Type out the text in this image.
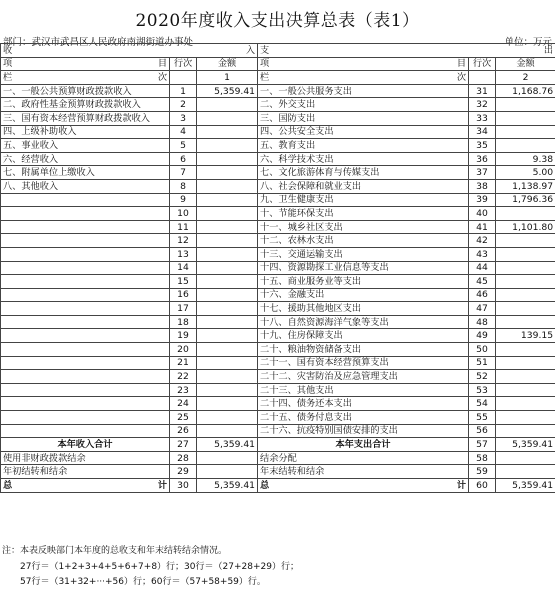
2020年度收入支出决算总表（表1）
部门：武汉市武昌区人民政府南湖街道办事处	单位：万元
收 入			支 出		

项 目	行次	金额	项 目	行次	金额

栏 次		1	栏 次		2
一、一般公共预算财政拨款收入	1	5,359.41	一、一般公共服务支出	31	1,168.76
二、政府性基金预算财政拨款收入	2		二、外交支出	32	
三、国有资本经营预算财政拨款收入	3		三、国防支出	33	
四、上级补助收入	4		四、公共安全支出	34	
五、事业收入	5		五、教育支出	35	
六、经营收入	6		六、科学技术支出	36	9.38
七、附属单位上缴收入	7		七、文化旅游体育与传媒支出	37	5.00
八、其他收入	8		八、社会保障和就业支出	38	1,138.97
	9		九、卫生健康支出	39	1,796.36
	10		十、节能环保支出	40	
	11		十一、城乡社区支出	41	1,101.80
	12		十二、农林水支出	42	
	13		十三、交通运输支出	43	
	14		十四、资源勘探工业信息等支出	44	
	15		十五、商业服务业等支出	45	
	16		十六、金融支出	46	
	17		十七、援助其他地区支出	47	
	18		十八、自然资源海洋气象等支出	48	
	19		十九、住房保障支出	49	139.15
	20		二十、粮油物资储备支出	50	
	21		二十一、国有资本经营预算支出	51	
	22		二十二、灾害防治及应急管理支出	52	
	23		二十三、其他支出	53	
	24		二十四、债务还本支出	54	
	25		二十五、债务付息支出	55	
	26		二十六、抗疫特别国债安排的支出	56	
本年收入合计	27	5,359.41	本年支出合计	57	5,359.41
使用非财政拨款结余	28		结余分配	58	
年初结转和结余	29		年末结转和结余	59	

总 计	30	5,359.41	总 计	60	5,359.41
注：本表反映部门本年度的总收支和年末结转结余情况。
27行＝（1+2+3+4+5+6+7+8）行；30行＝（27+28+29）行；
57行＝（31+32+···+56）行；60行＝（57+58+59）行。
